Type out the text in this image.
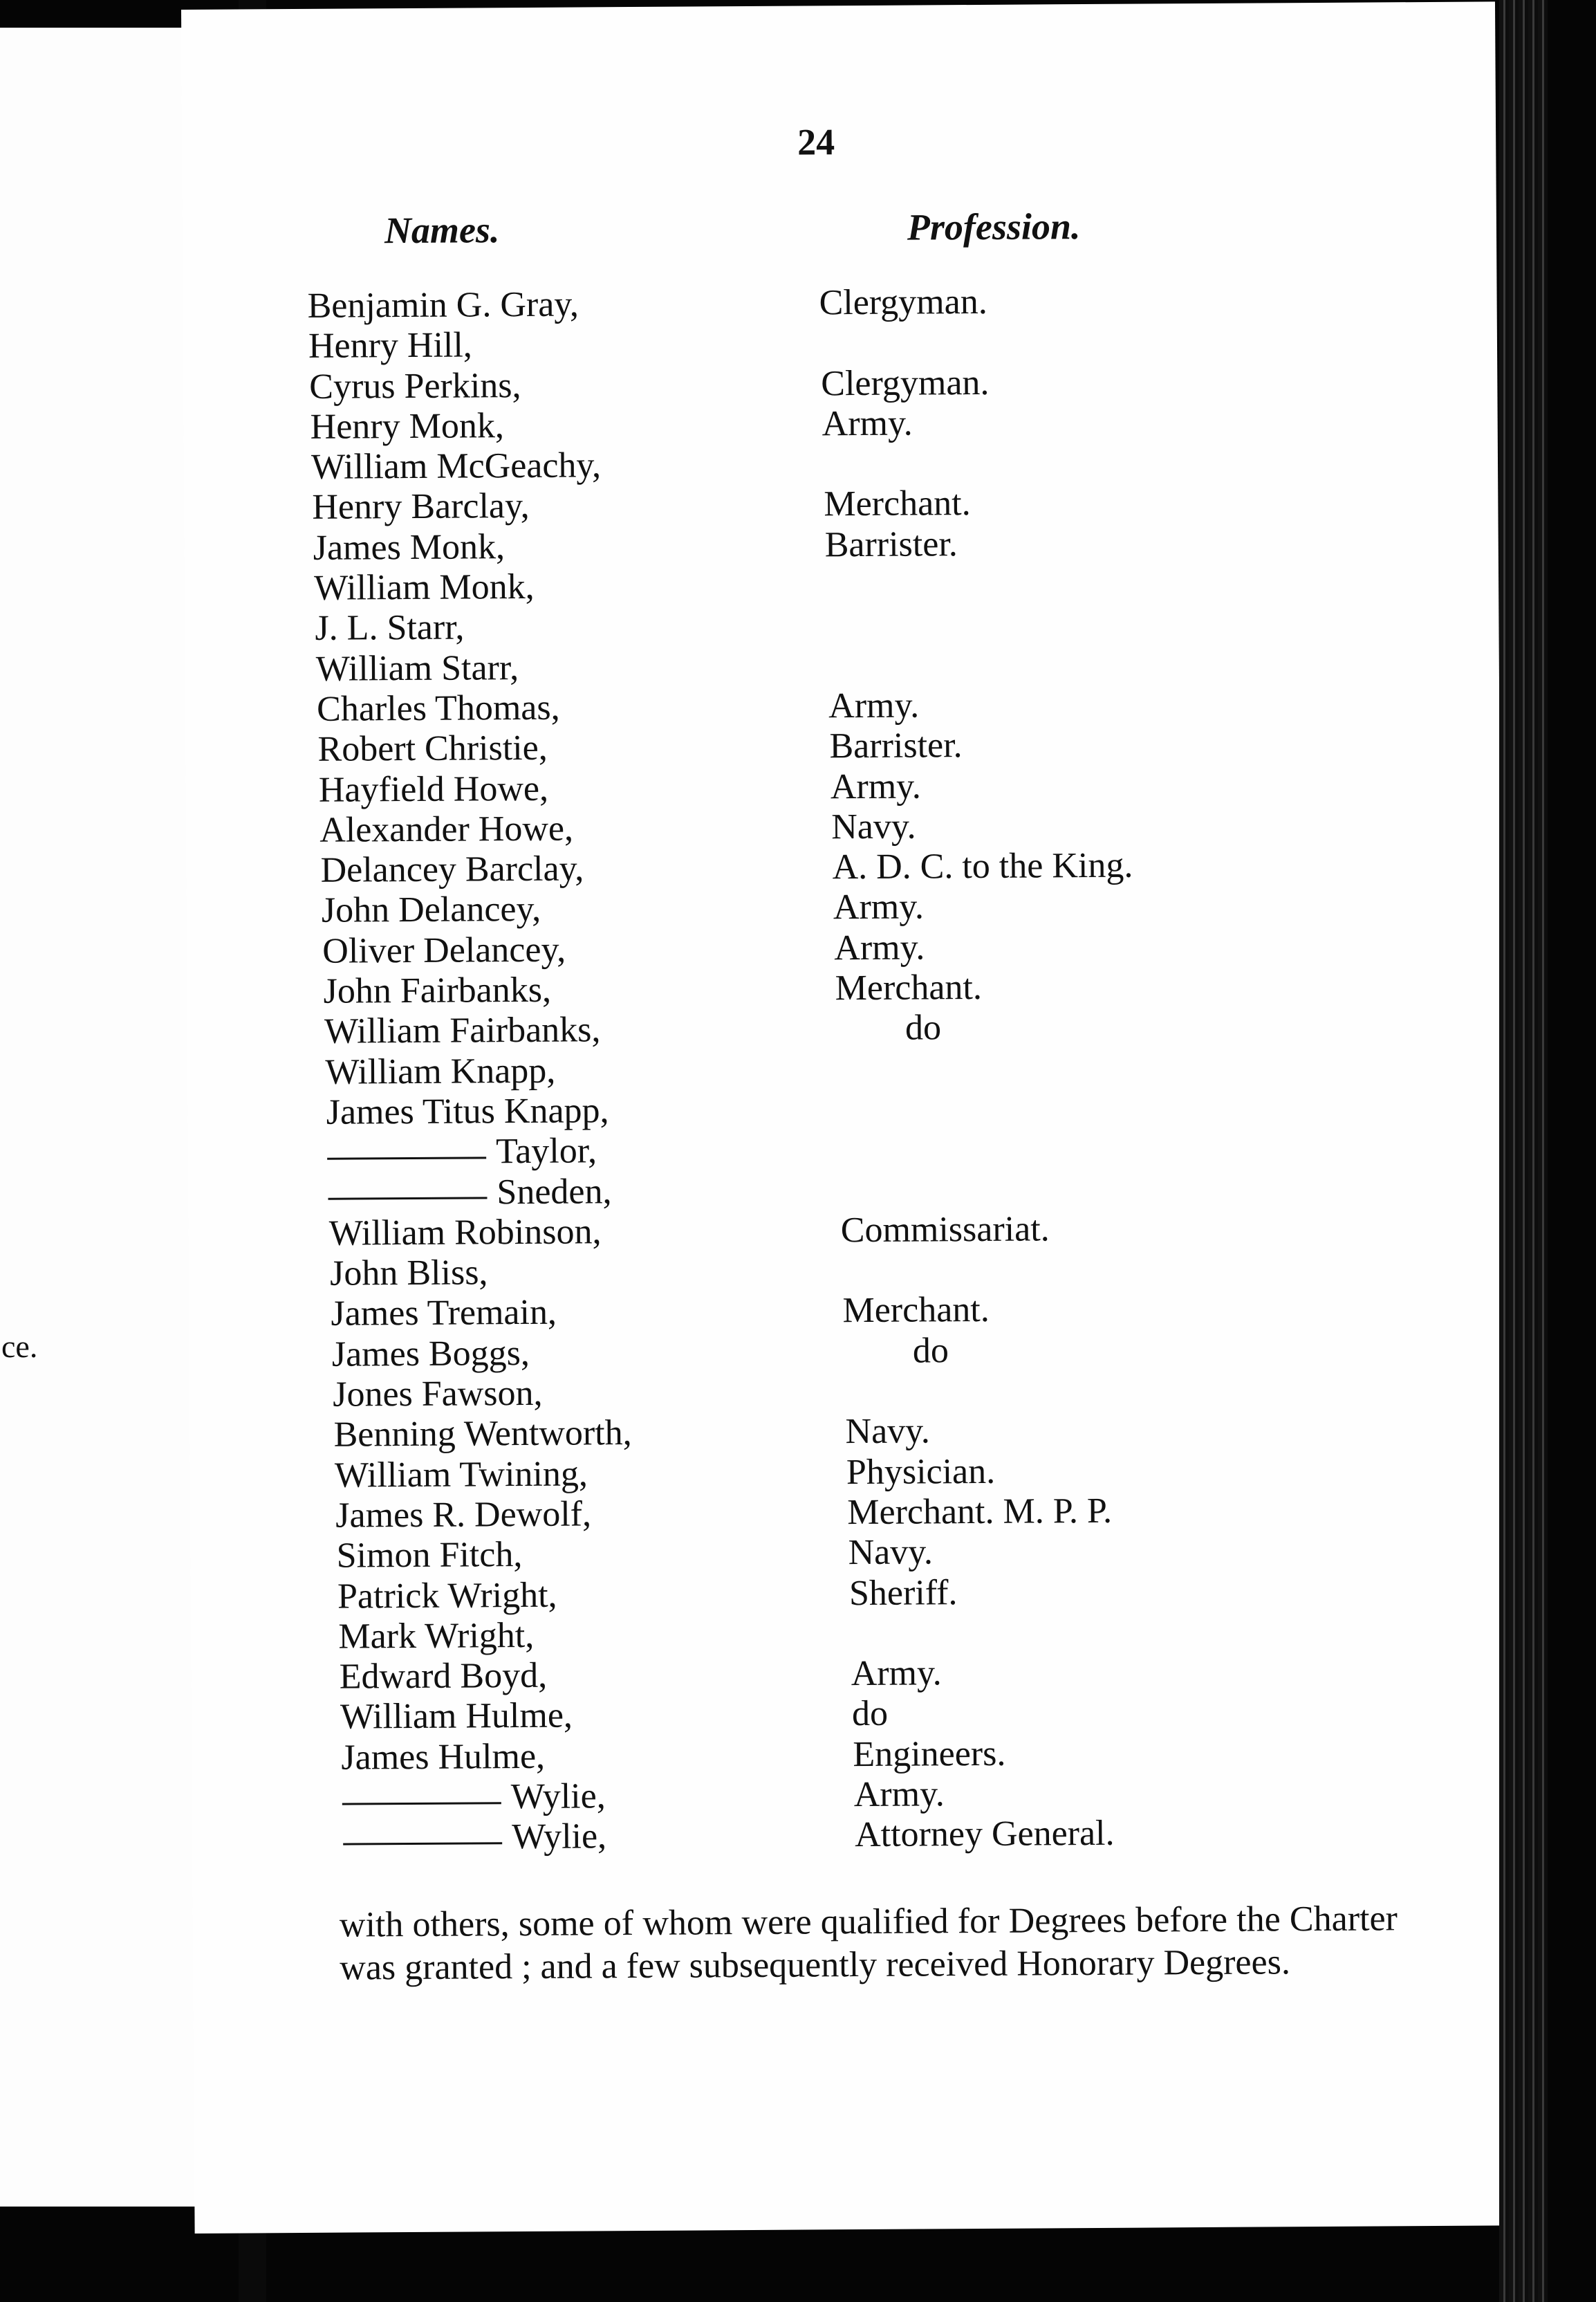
ce.
24
Names.	Profession.
Benjamin G. Gray,	Clergyman.
Henry Hill,
Cyrus Perkins,	Clergyman.
Henry Monk,	Army.
William McGeachy,
Henry Barclay,	Merchant.
James Monk,	Barrister.
William Monk,
J. L. Starr,
William Starr,
Charles Thomas,	Army.
Robert Christie,	Barrister.
Hayfield Howe,	Army.
Alexander Howe,	Navy.
Delancey Barclay,	A. D. C. to the King.
John Delancey,	Army.
Oliver Delancey,	Army.
John Fairbanks,	Merchant.
William Fairbanks,	do
William Knapp,
James Titus Knapp,
Taylor,
Sneden,
William Robinson,	Commissariat.
John Bliss,
James Tremain,	Merchant.
James Boggs,	do
Jones Fawson,
Benning Wentworth,	Navy.
William Twining,	Physician.
James R. Dewolf,	Merchant. M. P. P.
Simon Fitch,	Navy.
Patrick Wright,	Sheriff.
Mark Wright,
Edward Boyd,	Army.
William Hulme,	do
James Hulme,	Engineers.
Wylie,	Army.
Wylie,	Attorney General.
with others, some of whom were qualified for Degrees before the Charter was granted ; and a few subsequently received Honorary Degrees.
